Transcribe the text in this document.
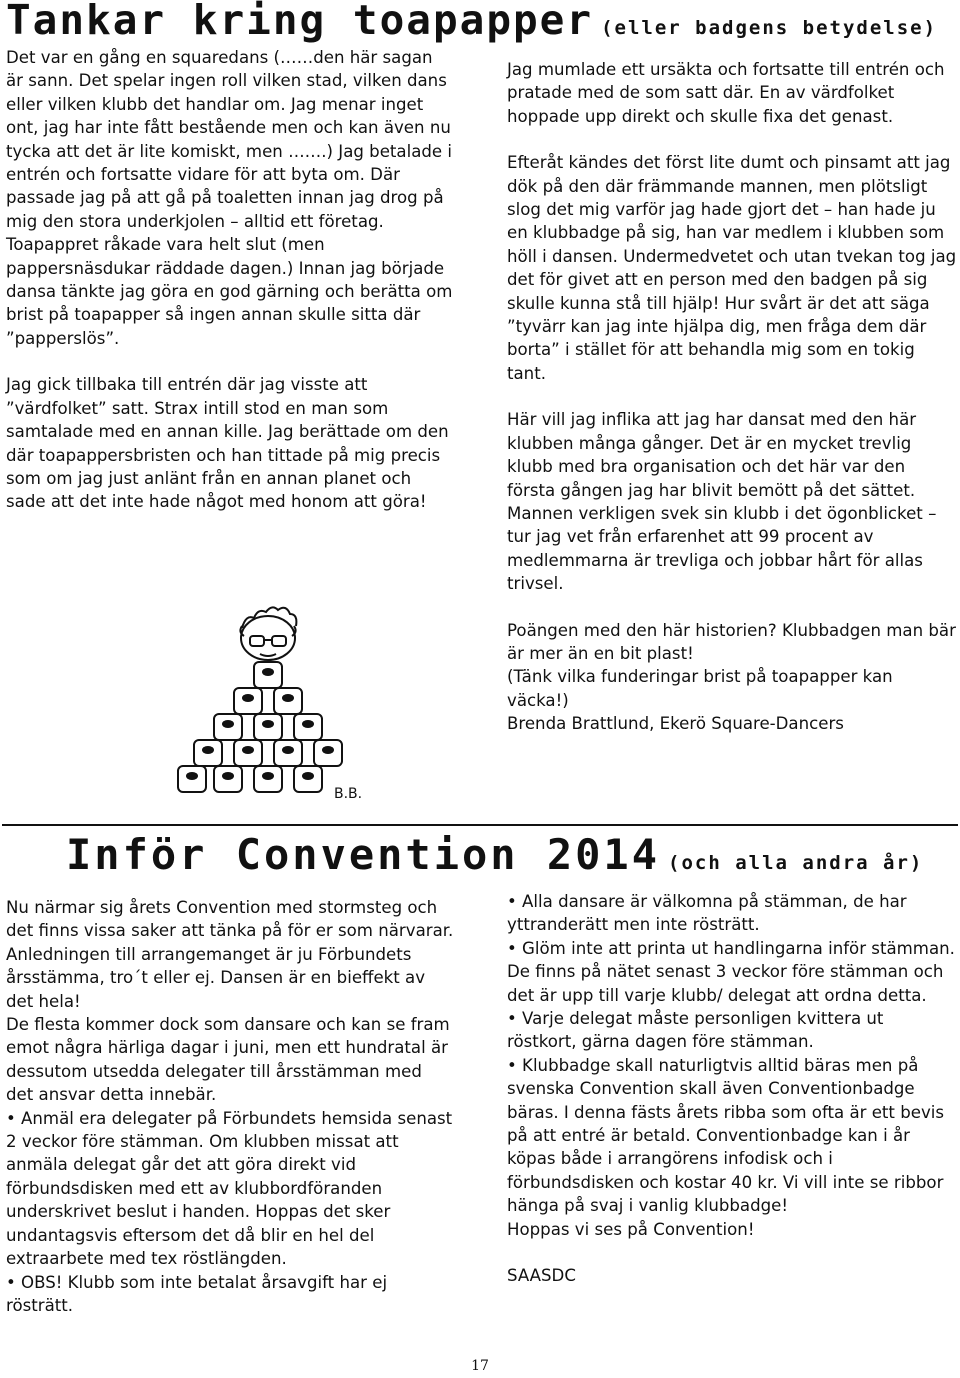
Tankar kring toapapper (eller badgens betydelse)

Det var en gång en squaredans (……den här sagan är sann. Det spelar ingen roll vilken stad, vilken dans eller vilken klubb det handlar om. Jag menar inget ont, jag har inte fått bestående men och kan även nu tycka att det är lite komiskt, men …….) Jag betalade i entrén och fortsatte vidare för att byta om. Där passade jag på att gå på toaletten innan jag drog på mig den stora underkjolen – alltid ett företag. Toapappret råkade vara helt slut (men pappersnäsdukar räddade dagen.) Innan jag började dansa tänkte jag göra en god gärning och berätta om brist på toapapper så ingen annan skulle sitta där ”papperslös”.

Jag gick tillbaka till entrén där jag visste att ”värdfolket” satt. Strax intill stod en man som samtalade med en annan kille. Jag berättade om den där toapappersbristen och han tittade på mig precis som om jag just anlänt från en annan planet och sade att det inte hade något med honom att göra!

B.B.

Jag mumlade ett ursäkta och fortsatte till entrén och pratade med de som satt där. En av värdfolket hoppade upp direkt och skulle fixa det genast.

Efteråt kändes det först lite dumt och pinsamt att jag dök på den där främmande mannen, men plötsligt slog det mig varför jag hade gjort det – han hade ju en klubbadge på sig, han var medlem i klubben som höll i dansen. Undermedvetet och utan tvekan tog jag det för givet att en person med den badgen på sig skulle kunna stå till hjälp! Hur svårt är det att säga ”tyvärr kan jag inte hjälpa dig, men fråga dem där borta” i stället för att behandla mig som en tokig tant.

Här vill jag inflika att jag har dansat med den här klubben många gånger. Det är en mycket trevlig klubb med bra organisation och det här var den första gången jag har blivit bemött på det sättet. Mannen verkligen svek sin klubb i det ögonblicket – tur jag vet från erfarenhet att 99 procent av medlemmarna är trevliga och jobbar hårt för allas trivsel.

Poängen med den här historien? Klubbadgen man bär är mer än en bit plast!

(Tänk vilka funderingar brist på toapapper kan väcka!)

Brenda Brattlund, Ekerö Square-Dancers

Inför Convention 2014 (och alla andra år)

Nu närmar sig årets Convention med stormsteg och det finns vissa saker att tänka på för er som närvarar. Anledningen till arrangemanget är ju Förbundets årsstämma, tro´t eller ej. Dansen är en bieffekt av det hela!

De flesta kommer dock som dansare och kan se fram emot några härliga dagar i juni, men ett hundratal är dessutom utsedda delegater till årsstämman med det ansvar detta innebär.

• Anmäl era delegater på Förbundets hemsida senast 2 veckor före stämman. Om klubben missat att anmäla delegat går det att göra direkt vid förbundsdisken med ett av klubbordföranden underskrivet beslut i handen. Hoppas det sker undantagsvis eftersom det då blir en hel del extraarbete med tex röstlängden.

• OBS! Klubb som inte betalat årsavgift har ej rösträtt.

• Alla dansare är välkomna på stämman, de har yttranderätt men inte rösträtt.

• Glöm inte att printa ut handlingarna inför stämman. De finns på nätet senast 3 veckor före stämman och det är upp till varje klubb/ delegat att ordna detta.

• Varje delegat måste personligen kvittera ut röstkort, gärna dagen före stämman.

• Klubbadge skall naturligtvis alltid bäras men på svenska Convention skall även Conventionbadge bäras. I denna fästs årets ribba som ofta är ett bevis på att entré är betald. Conventionbadge kan i år köpas både i arrangörens infodisk och i förbundsdisken och kostar 40 kr. Vi vill inte se ribbor hänga på svaj i vanlig klubbadge!

Hoppas vi ses på Convention!

SAASDC

17
